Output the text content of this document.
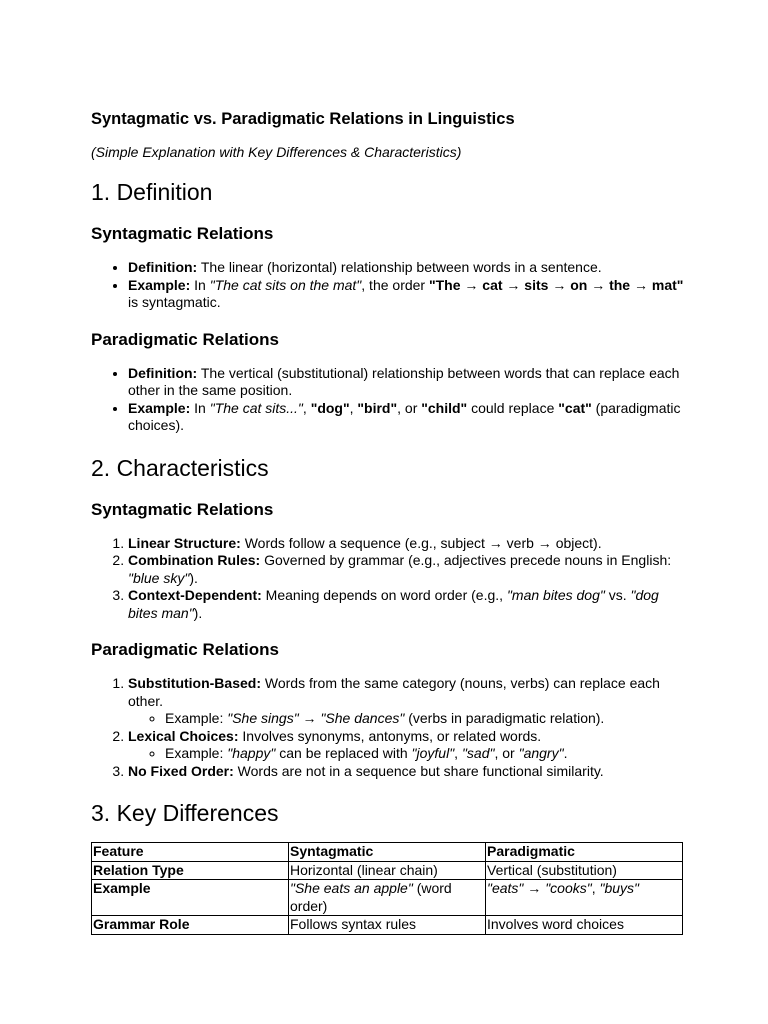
Syntagmatic vs. Paradigmatic Relations in Linguistics

(Simple Explanation with Key Differences & Characteristics)

1. Definition
Syntagmatic Relations
• Definition: The linear (horizontal) relationship between words in a sentence.
• Example: In "The cat sits on the mat", the order "The → cat → sits → on → the → mat" is syntagmatic.
Paradigmatic Relations
• Definition: The vertical (substitutional) relationship between words that can replace each other in the same position.
• Example: In "The cat sits...", "dog", "bird", or "child" could replace "cat" (paradigmatic choices).
2. Characteristics
Syntagmatic Relations
1. Linear Structure: Words follow a sequence (e.g., subject → verb → object).
2. Combination Rules: Governed by grammar (e.g., adjectives precede nouns in English: "blue sky").
3. Context-Dependent: Meaning depends on word order (e.g., "man bites dog" vs. "dog bites man").
Paradigmatic Relations
1. Substitution-Based: Words from the same category (nouns, verbs) can replace each other.
◦ Example: "She sings" → "She dances" (verbs in paradigmatic relation).
2. Lexical Choices: Involves synonyms, antonyms, or related words.
◦ Example: "happy" can be replaced with "joyful", "sad", or "angry".
3. No Fixed Order: Words are not in a sequence but share functional similarity.
3. Key Differences
Feature	Syntagmatic	Paradigmatic
Relation Type	Horizontal (linear chain)	Vertical (substitution)
Example	"She eats an apple" (word order)	"eats" → "cooks", "buys"
Grammar Role	Follows syntax rules	Involves word choices
